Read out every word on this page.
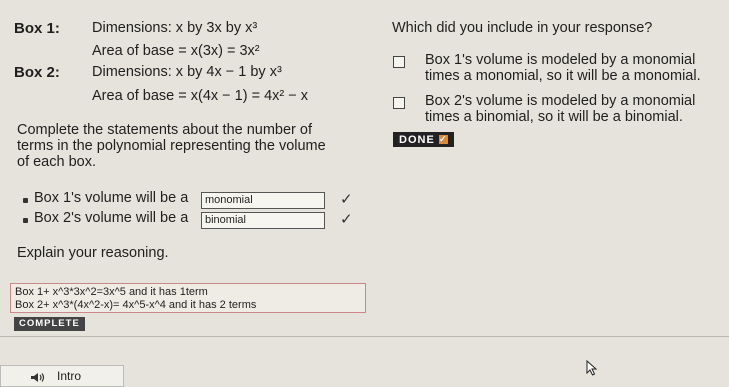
Box 1: Dimensions: x by 3x by x³
Area of base = x(3x) = 3x²
Box 2: Dimensions: x by 4x − 1 by x³
Area of base = x(4x − 1) = 4x² − x
Complete the statements about the number of
terms in the polynomial representing the volume
of each box.
Box 1's volume will be a	monomial	✓
Box 2's volume will be a	binomial	✓
Explain your reasoning.
Box 1+ x^3*3x^2=3x^5 and it has 1term
Box 2+ x^3*(4x^2-x)= 4x^5-x^4 and it has 2 terms
COMPLETE
Which did you include in your response?
Box 1's volume is modeled by a monomial
times a monomial, so it will be a monomial.
Box 2's volume is modeled by a monomial
times a binomial, so it will be a binomial.
DONE ✓
Intro
